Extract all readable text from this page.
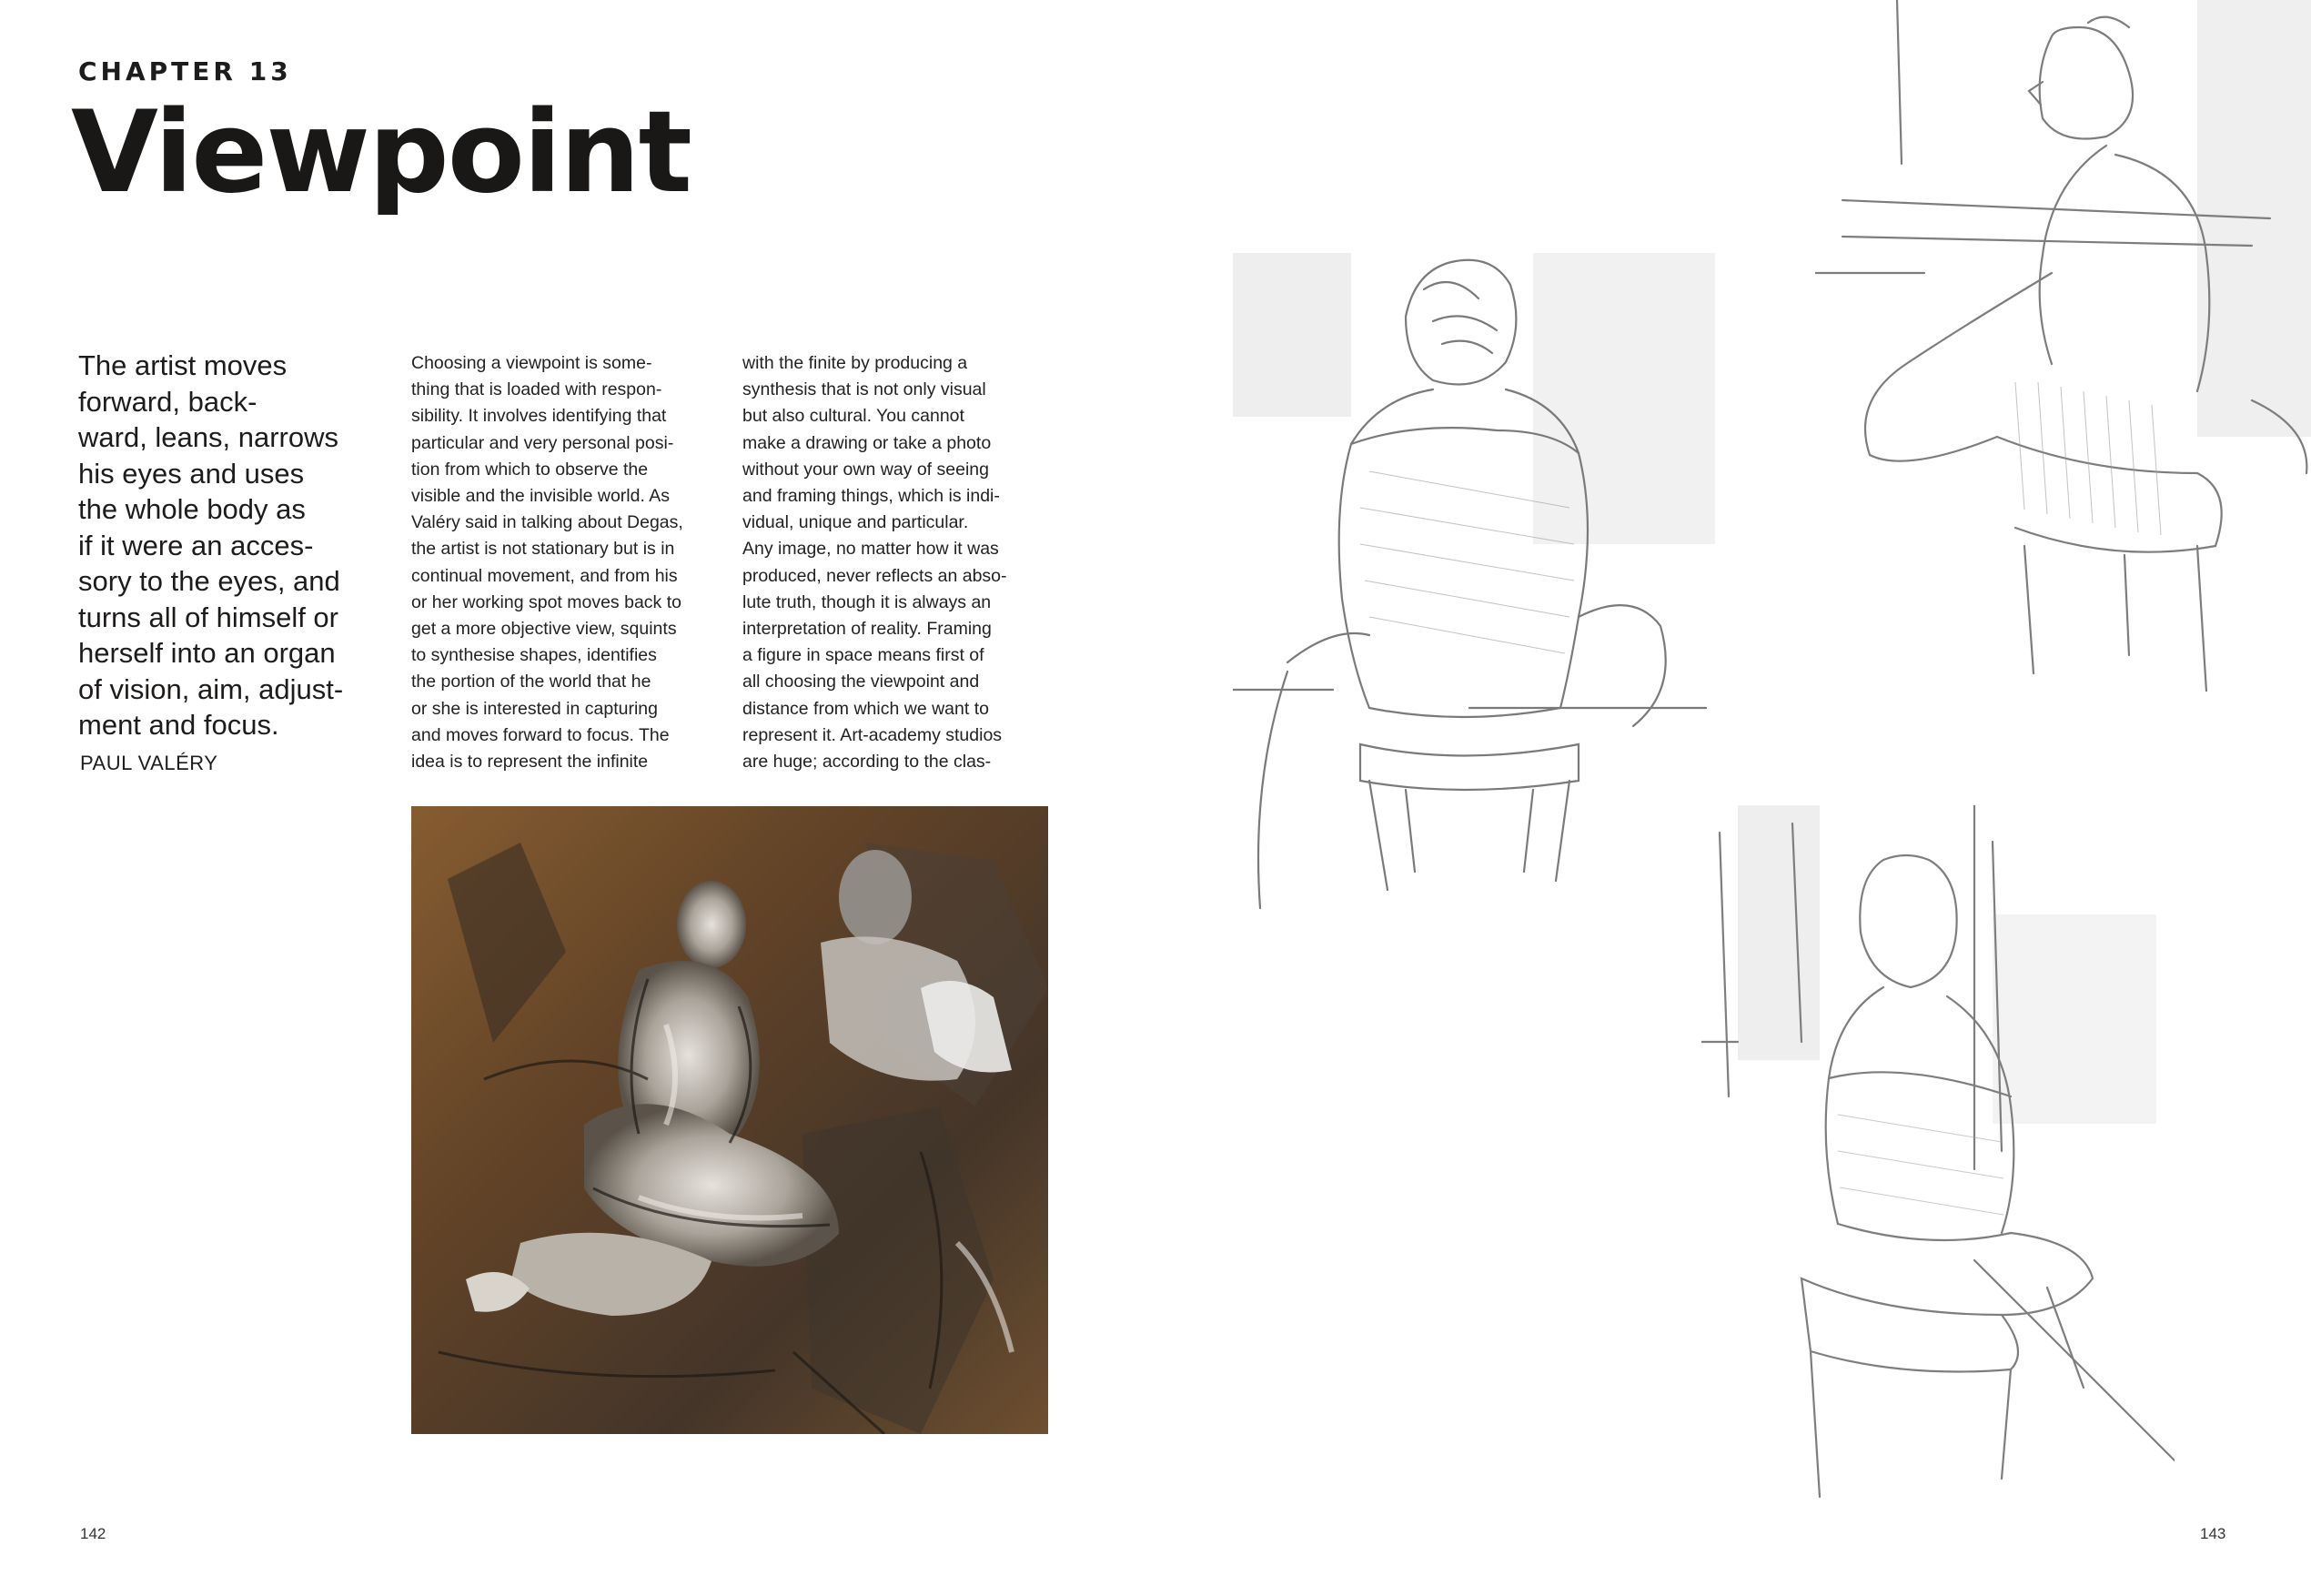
CHAPTER 13
Viewpoint
The artist moves
forward, back-
ward, leans, narrows
his eyes and uses
the whole body as
if it were an acces-
sory to the eyes, and
turns all of himself or
herself into an organ
of vision, aim, adjust-
ment and focus.
PAUL VALÉRY
Choosing a viewpoint is some-
thing that is loaded with respon-
sibility. It involves identifying that
particular and very personal posi-
tion from which to observe the
visible and the invisible world. As
Valéry said in talking about Degas,
the artist is not stationary but is in
continual movement, and from his
or her working spot moves back to
get a more objective view, squints
to synthesise shapes, identifies
the portion of the world that he
or she is interested in capturing
and moves forward to focus. The
idea is to represent the infinite
with the finite by producing a
synthesis that is not only visual
but also cultural. You cannot
make a drawing or take a photo
without your own way of seeing
and framing things, which is indi-
vidual, unique and particular.
Any image, no matter how it was
produced, never reflects an abso-
lute truth, though it is always an
interpretation of reality. Framing
a figure in space means first of
all choosing the viewpoint and
distance from which we want to
represent it. Art-academy studios
are huge; according to the clas-
142	143
